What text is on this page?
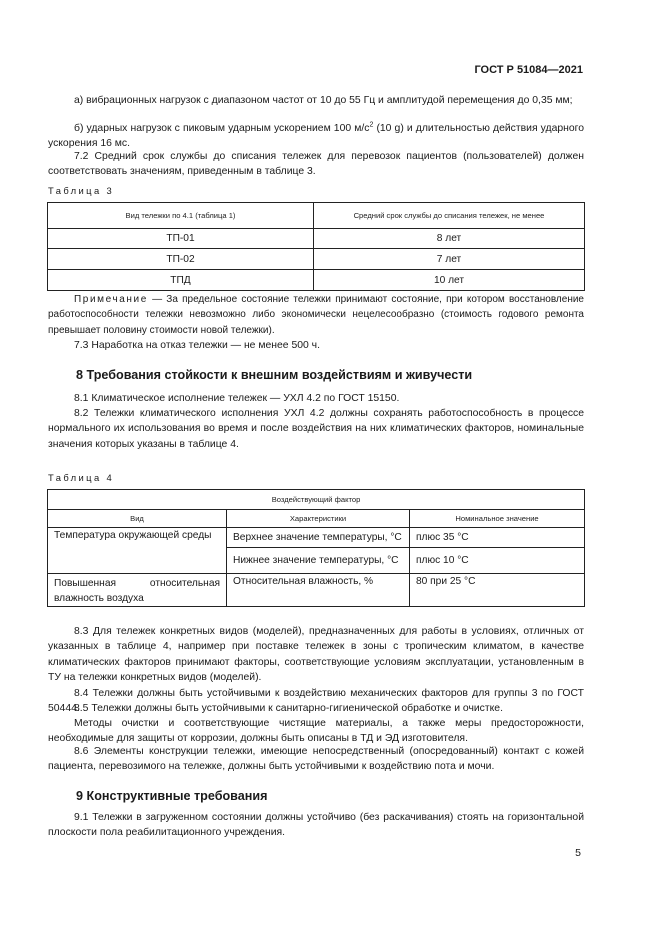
ГОСТ Р 51084—2021

а) вибрационных нагрузок с диапазоном частот от 10 до 55 Гц и амплитудой перемещения до 0,35 мм;

б) ударных нагрузок с пиковым ударным ускорением 100 $м/с^2$ (10 g) и длительностью действия ударного ускорения 16 мс.

7.2 Средний срок службы до списания тележек для перевозок пациентов (пользователей) должен соответствовать значениям, приведенным в таблице 3.

Таблица 3
Вид тележки по 4.1 (таблица 1)	Средний срок службы до списания тележек, не менее
ТП-01	8 лет
ТП-02	7 лет
ТПД	10 лет

Примечание — За предельное состояние тележки принимают состояние, при котором восстановление работоспособности тележки невозможно либо экономически нецелесообразно (стоимость годового ремонта превышает половину стоимости новой тележки).

7.3 Наработка на отказ тележки — не менее 500 ч.

8 Требования стойкости к внешним воздействиям и живучести

8.1 Климатическое исполнение тележек — УХЛ 4.2 по ГОСТ 15150.

8.2 Тележки климатического исполнения УХЛ 4.2 должны сохранять работоспособность в процессе нормального их использования во время и после воздействия на них климатических факторов, номинальные значения которых указаны в таблице 4.

Таблица 4
Воздействующий фактор		
Вид	Характеристики	Номинальное значение
Температура окружающей среды	Верхнее значение температуры, °С	плюс 35 °С
	Нижнее значение температуры, °С	плюс 10 °С
Повышенная относительная влажность воздуха	Относительная влажность, %	80 при 25 °С

8.3 Для тележек конкретных видов (моделей), предназначенных для работы в условиях, отличных от указанных в таблице 4, например при поставке тележек в зоны с тропическим климатом, в качестве климатических факторов принимают факторы, соответствующие условиям эксплуатации, установленным в ТУ на тележки конкретных видов (моделей).

8.4 Тележки должны быть устойчивыми к воздействию механических факторов для группы 3 по ГОСТ 50444.

8.5 Тележки должны быть устойчивыми к санитарно-гигиенической обработке и очистке.

Методы очистки и соответствующие чистящие материалы, а также меры предосторожности, необходимые для защиты от коррозии, должны быть описаны в ТД и ЭД изготовителя.

8.6 Элементы конструкции тележки, имеющие непосредственный (опосредованный) контакт с кожей пациента, перевозимого на тележке, должны быть устойчивыми к воздействию пота и мочи.

9 Конструктивные требования

9.1 Тележки в загруженном состоянии должны устойчиво (без раскачивания) стоять на горизонтальной плоскости пола реабилитационного учреждения.

5
